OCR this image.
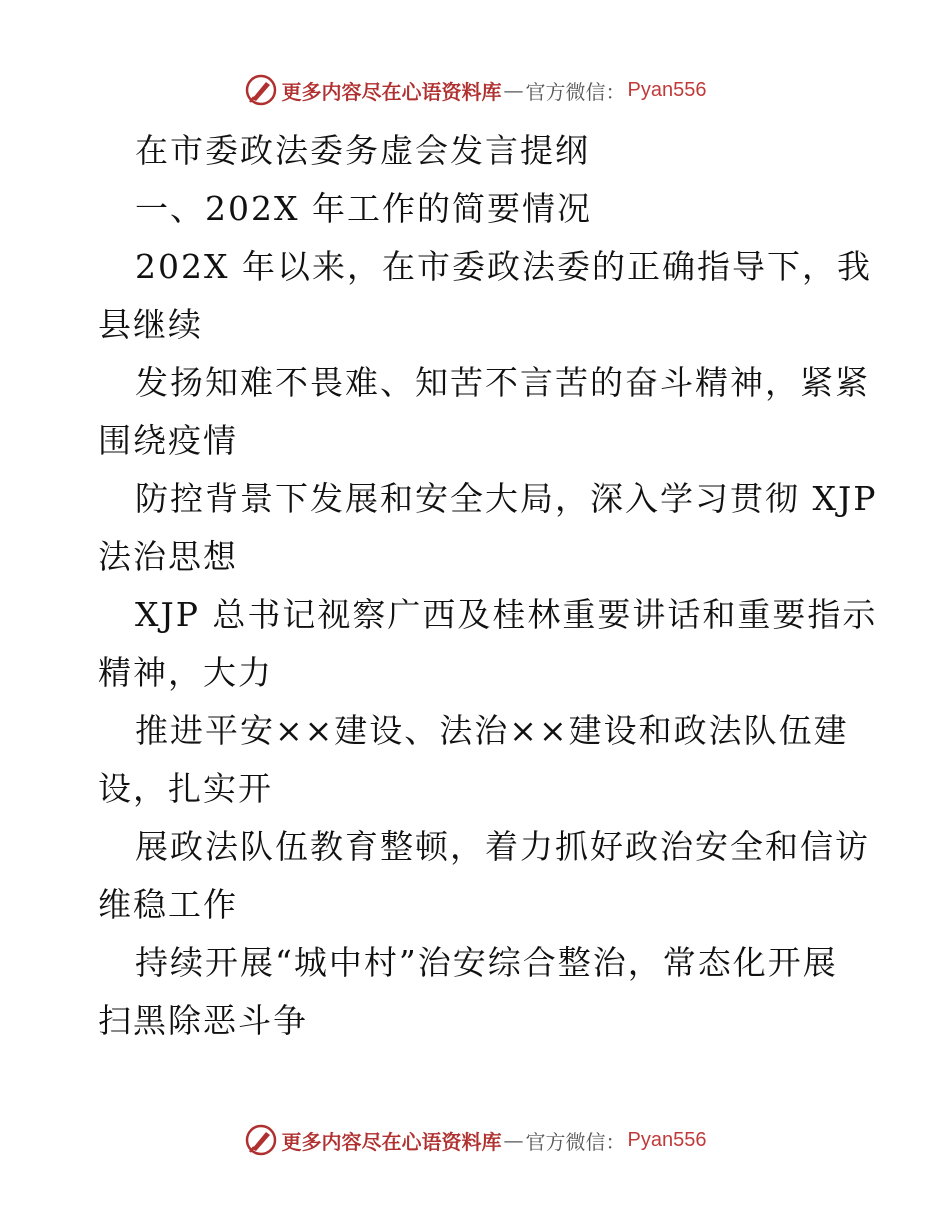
更多内容尽在心语资料库 — 官方微信： Pyan556
在市委政法委务虚会发言提纲
一、202X 年工作的简要情况
202X 年以来，在市委政法委的正确指导下，我
县继续
发扬知难不畏难、知苦不言苦的奋斗精神，紧紧
围绕疫情
防控背景下发展和安全大局，深入学习贯彻 XJP
法治思想
XJP 总书记视察广西及桂林重要讲话和重要指示
精神，大力
推进平安××建设、法治××建设和政法队伍建
设，扎实开
展政法队伍教育整顿，着力抓好政治安全和信访
维稳工作
持续开展“城中村”治安综合整治，常态化开展
扫黑除恶斗争
更多内容尽在心语资料库 — 官方微信： Pyan556
